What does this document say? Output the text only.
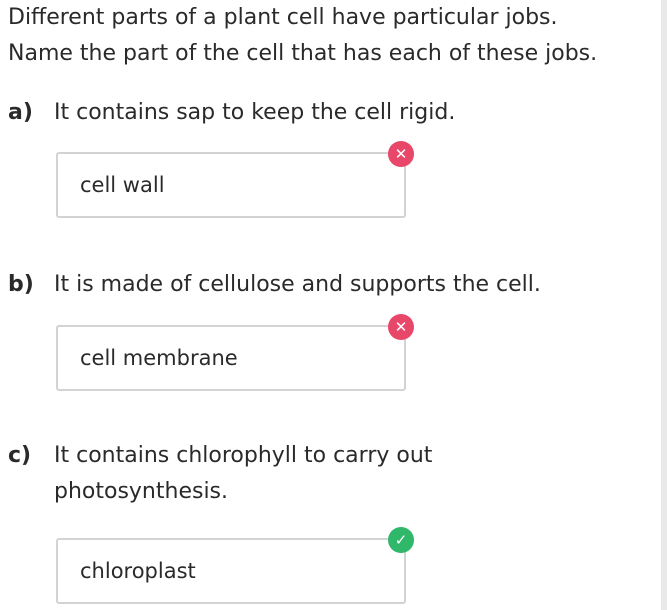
Different parts of a plant cell have particular jobs.
Name the part of the cell that has each of these jobs.
a) It contains sap to keep the cell rigid.
cell wall
✕
b) It is made of cellulose and supports the cell.
cell membrane
✕
c) It contains chlorophyll to carry out
photosynthesis.
chloroplast
✓
